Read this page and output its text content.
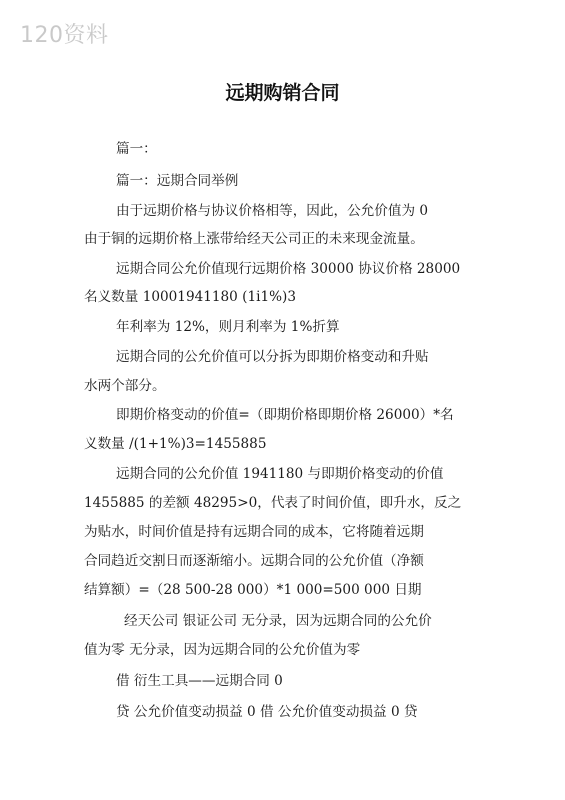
120资料
远期购销合同
篇一：
篇一：远期合同举例
由于远期价格与协议价格相等，因此，公允价值为 0
由于铜的远期价格上涨带给经天公司正的未来现金流量。
远期合同公允价值现行远期价格 30000 协议价格 28000
名义数量 10001941180 (1i1%)3
年利率为 12%，则月利率为 1%折算
远期合同的公允价值可以分拆为即期价格变动和升贴
水两个部分。
即期价格变动的价值=（即期价格即期价格 26000）*名
义数量 /(1+1%)3=1455885
远期合同的公允价值 1941180 与即期价格变动的价值
1455885 的差额 48295>0，代表了时间价值，即升水，反之
为贴水，时间价值是持有远期合同的成本，它将随着远期
合同趋近交割日而逐渐缩小。远期合同的公允价值（净额
结算额）=（28 500-28 000）*1 000=500 000 日期
经天公司 银证公司 无分录，因为远期合同的公允价
值为零 无分录，因为远期合同的公允价值为零
借 衍生工具——远期合同 0
贷 公允价值变动损益 0 借 公允价值变动损益 0 贷
